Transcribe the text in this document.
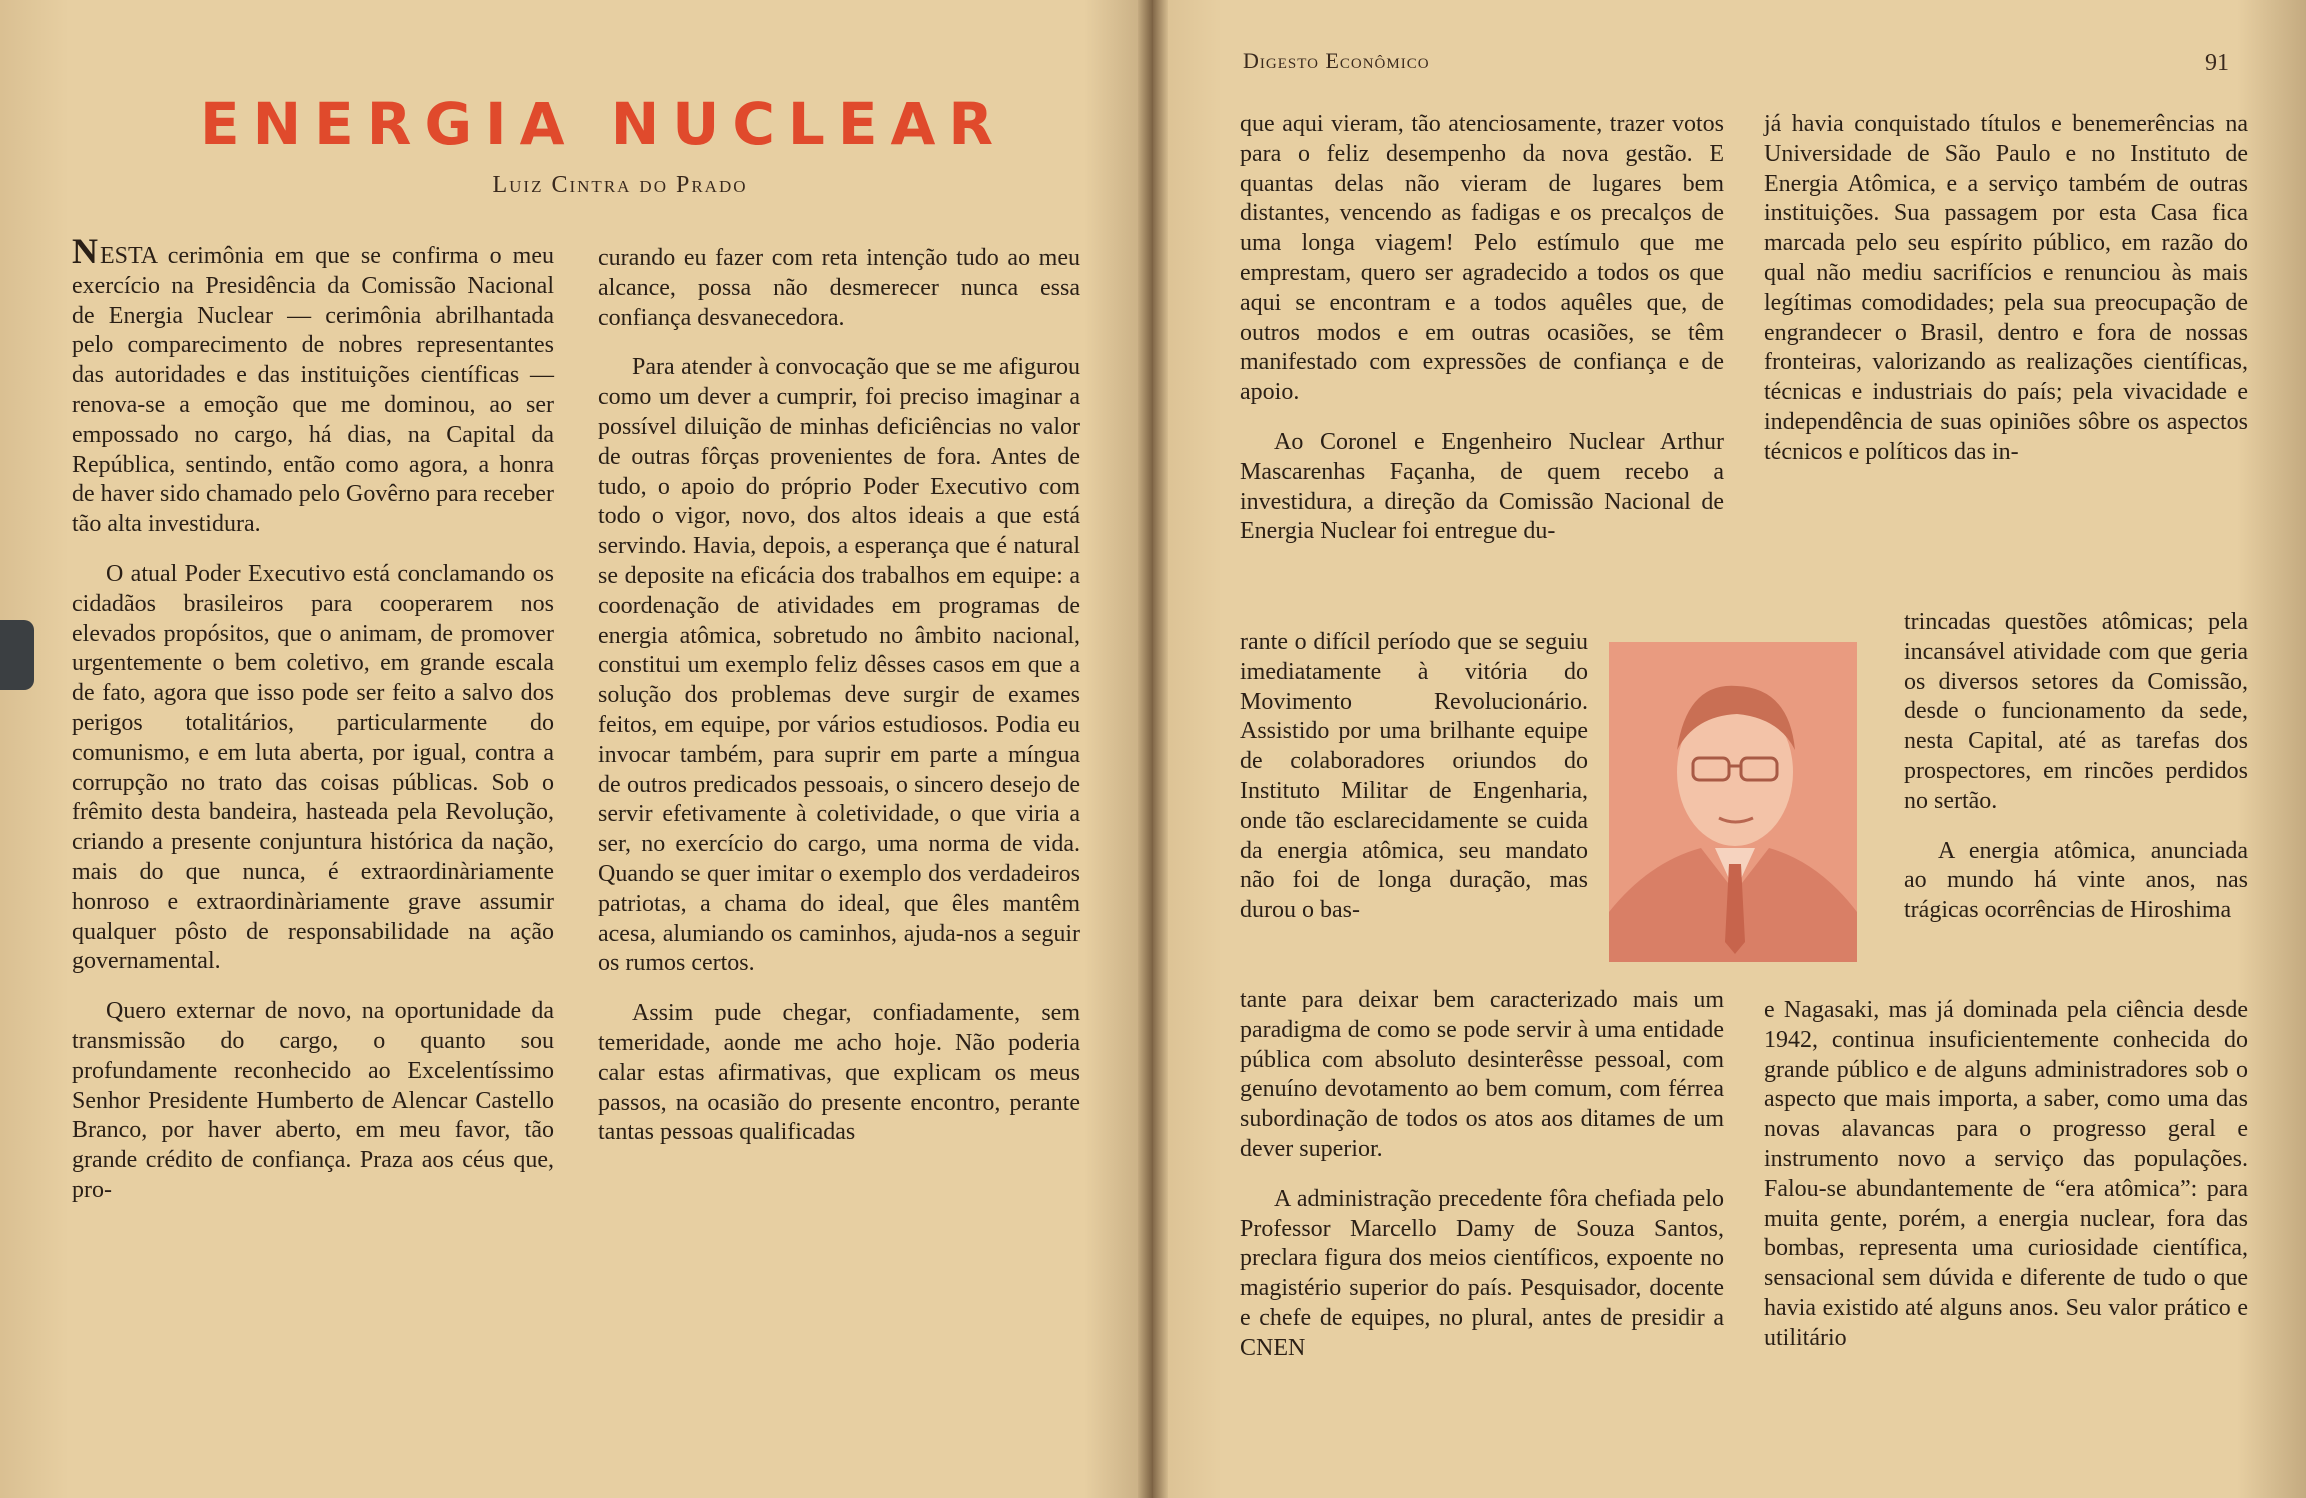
ENERGIA NUCLEAR
Luiz Cintra do Prado

NESTA cerimônia em que se confirma o meu exercício na Presidência da Comissão Nacional de Energia Nuclear — cerimônia abrilhantada pelo comparecimento de nobres representantes das autoridades e das instituições científicas — renova-se a emoção que me dominou, ao ser empossado no cargo, há dias, na Capital da República, sentindo, então como agora, a honra de haver sido chamado pelo Govêrno para receber tão alta investidura.

O atual Poder Executivo está conclamando os cidadãos brasileiros para cooperarem nos elevados propósitos, que o animam, de promover urgentemente o bem coletivo, em grande escala de fato, agora que isso pode ser feito a salvo dos perigos totalitários, particularmente do comunismo, e em luta aberta, por igual, contra a corrupção no trato das coisas públicas. Sob o frêmito desta bandeira, hasteada pela Revolução, criando a presente conjuntura histórica da nação, mais do que nunca, é extraordinàriamente honroso e extraordinàriamente grave assumir qualquer pôsto de responsabilidade na ação governamental.

Quero externar de novo, na oportunidade da transmissão do cargo, o quanto sou profundamente reconhecido ao Excelentíssimo Senhor Presidente Humberto de Alencar Castello Branco, por haver aberto, em meu favor, tão grande crédito de confiança. Praza aos céus que, pro-

curando eu fazer com reta intenção tudo ao meu alcance, possa não desmerecer nunca essa confiança desvanecedora.

Para atender à convocação que se me afigurou como um dever a cumprir, foi preciso imaginar a possível diluição de minhas deficiências no valor de outras fôrças provenientes de fora. Antes de tudo, o apoio do próprio Poder Executivo com todo o vigor, novo, dos altos ideais a que está servindo. Havia, depois, a esperança que é natural se deposite na eficácia dos trabalhos em equipe: a coordenação de atividades em programas de energia atômica, sobretudo no âmbito nacional, constitui um exemplo feliz dêsses casos em que a solução dos problemas deve surgir de exames feitos, em equipe, por vários estudiosos. Podia eu invocar também, para suprir em parte a míngua de outros predicados pessoais, o sincero desejo de servir efetivamente à coletividade, o que viria a ser, no exercício do cargo, uma norma de vida. Quando se quer imitar o exemplo dos verdadeiros patriotas, a chama do ideal, que êles mantêm acesa, alumiando os caminhos, ajuda-nos a seguir os rumos certos.

Assim pude chegar, confiadamente, sem temeridade, aonde me acho hoje. Não poderia calar estas afirmativas, que explicam os meus passos, na ocasião do presente encontro, perante tantas pessoas qualificadas

Digesto Econômico	91

que aqui vieram, tão atenciosamente, trazer votos para o feliz desempenho da nova gestão. E quantas delas não vieram de lugares bem distantes, vencendo as fadigas e os precalços de uma longa viagem! Pelo estímulo que me emprestam, quero ser agradecido a todos os que aqui se encontram e a todos aquêles que, de outros modos e em outras ocasiões, se têm manifestado com expressões de confiança e de apoio.

Ao Coronel e Engenheiro Nuclear Arthur Mascarenhas Façanha, de quem recebo a investidura, a direção da Comissão Nacional de Energia Nuclear foi entregue du-

rante o difícil período que se seguiu imediatamente à vitória do Movimento Revolucionário. Assistido por uma brilhante equipe de colaboradores oriundos do Instituto Militar de Engenharia, onde tão esclarecidamente se cuida da energia atômica, seu mandato não foi de longa duração, mas durou o bas-

tante para deixar bem caracterizado mais um paradigma de como se pode servir à uma entidade pública com absoluto desinterêsse pessoal, com genuíno devotamento ao bem comum, com férrea subordinação de todos os atos aos ditames de um dever superior.

A administração precedente fôra chefiada pelo Professor Marcello Damy de Souza Santos, preclara figura dos meios científicos, expoente no magistério superior do país. Pesquisador, docente e chefe de equipes, no plural, antes de presidir a CNEN

já havia conquistado títulos e benemerências na Universidade de São Paulo e no Instituto de Energia Atômica, e a serviço também de outras instituições. Sua passagem por esta Casa fica marcada pelo seu espírito público, em razão do qual não mediu sacrifícios e renunciou às mais legítimas comodidades; pela sua preocupação de engrandecer o Brasil, dentro e fora de nossas fronteiras, valorizando as realizações científicas, técnicas e industriais do país; pela vivacidade e independência de suas opiniões sôbre os aspectos técnicos e políticos das in-

trincadas questões atômicas; pela incansável atividade com que geria os diversos setores da Comissão, desde o funcionamento da sede, nesta Capital, até as tarefas dos prospectores, em rincões perdidos no sertão.

A energia atômica, anunciada ao mundo há vinte anos, nas trágicas ocorrências de Hiroshima

e Nagasaki, mas já dominada pela ciência desde 1942, continua insuficientemente conhecida do grande público e de alguns administradores sob o aspecto que mais importa, a saber, como uma das novas alavancas para o progresso geral e instrumento novo a serviço das populações. Falou-se abundantemente de “era atômica”: para muita gente, porém, a energia nuclear, fora das bombas, representa uma curiosidade científica, sensacional sem dúvida e diferente de tudo o que havia existido até alguns anos. Seu valor prático e utilitário
